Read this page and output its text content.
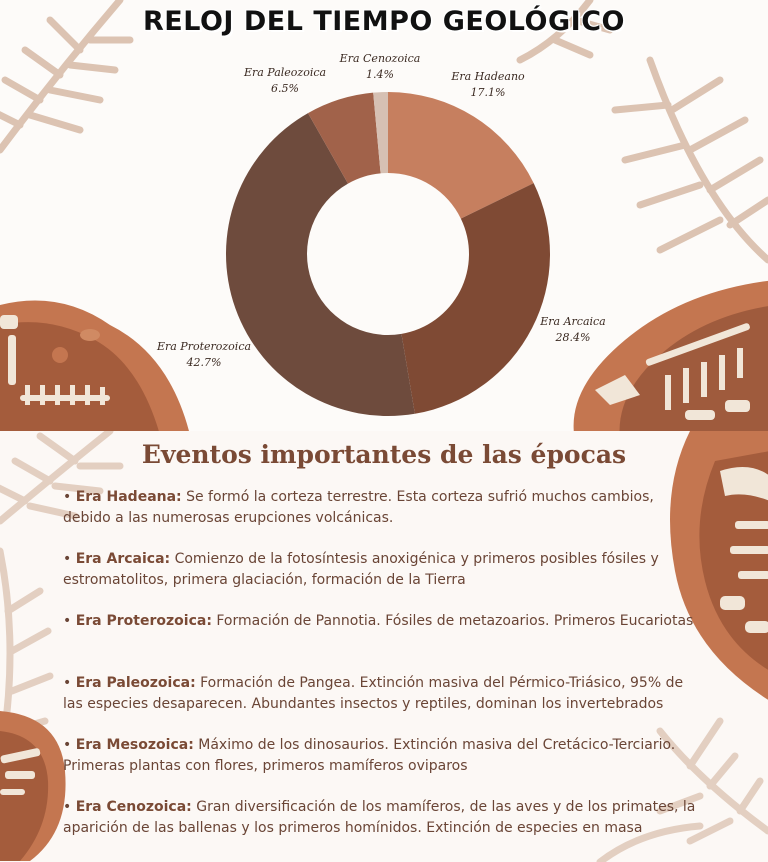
RELOJ DEL TIEMPO GEOLÓGICO
Era Hadeano
17.1%
Era Arcaica
28.4%
Era Proterozoica
42.7%
Era Paleozoica
6.5%
Era Cenozoica
1.4%
Eventos importantes de las épocas
• Era Hadeana: Se formó la corteza terrestre. Esta corteza sufrió muchos cambios, debido a las numerosas erupciones volcánicas.
• Era Arcaica: Comienzo de la fotosíntesis anoxigénica y primeros posibles fósiles y estromatolitos, primera glaciación, formación de la Tierra
• Era Proterozoica: Formación de Pannotia. Fósiles de metazoarios. Primeros Eucariotas
• Era Paleozoica: Formación de Pangea. Extinción masiva del Pérmico-Triásico, 95% de las especies desaparecen. Abundantes insectos y reptiles, dominan los invertebrados
• Era Mesozoica: Máximo de los dinosaurios. Extinción masiva del Cretácico-Terciario. Primeras plantas con flores, primeros mamíferos oviparos
• Era Cenozoica: Gran diversificación de los mamíferos, de las aves y de los primates, la aparición de las ballenas y los primeros homínidos. Extinción de especies en masa
